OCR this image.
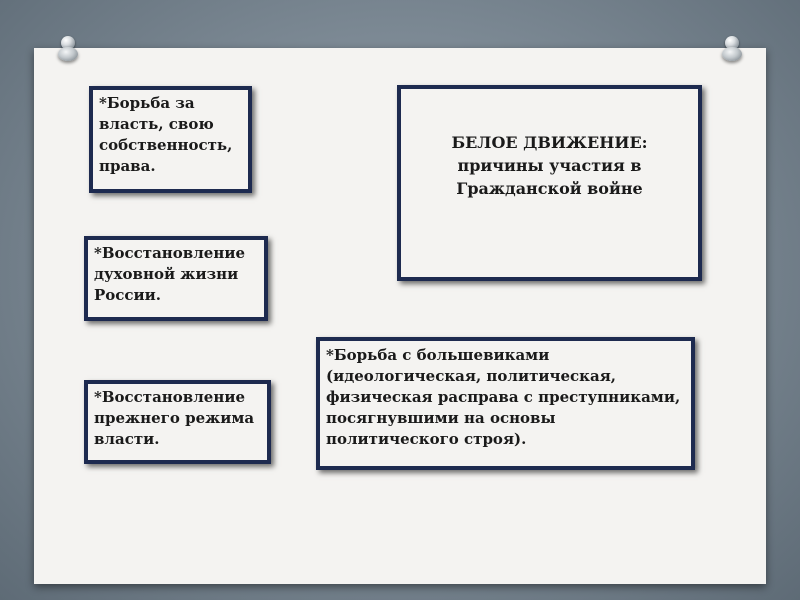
*Борьба за власть, свою собственность, права.
*Восстановление духовной жизни России.
*Восстановление прежнего режима власти.
БЕЛОЕ ДВИЖЕНИЕ:
причины участия в
Гражданской войне
*Борьба с большевиками (идеологическая, политическая, физическая расправа с преступниками, посягнувшими на основы политического строя).
